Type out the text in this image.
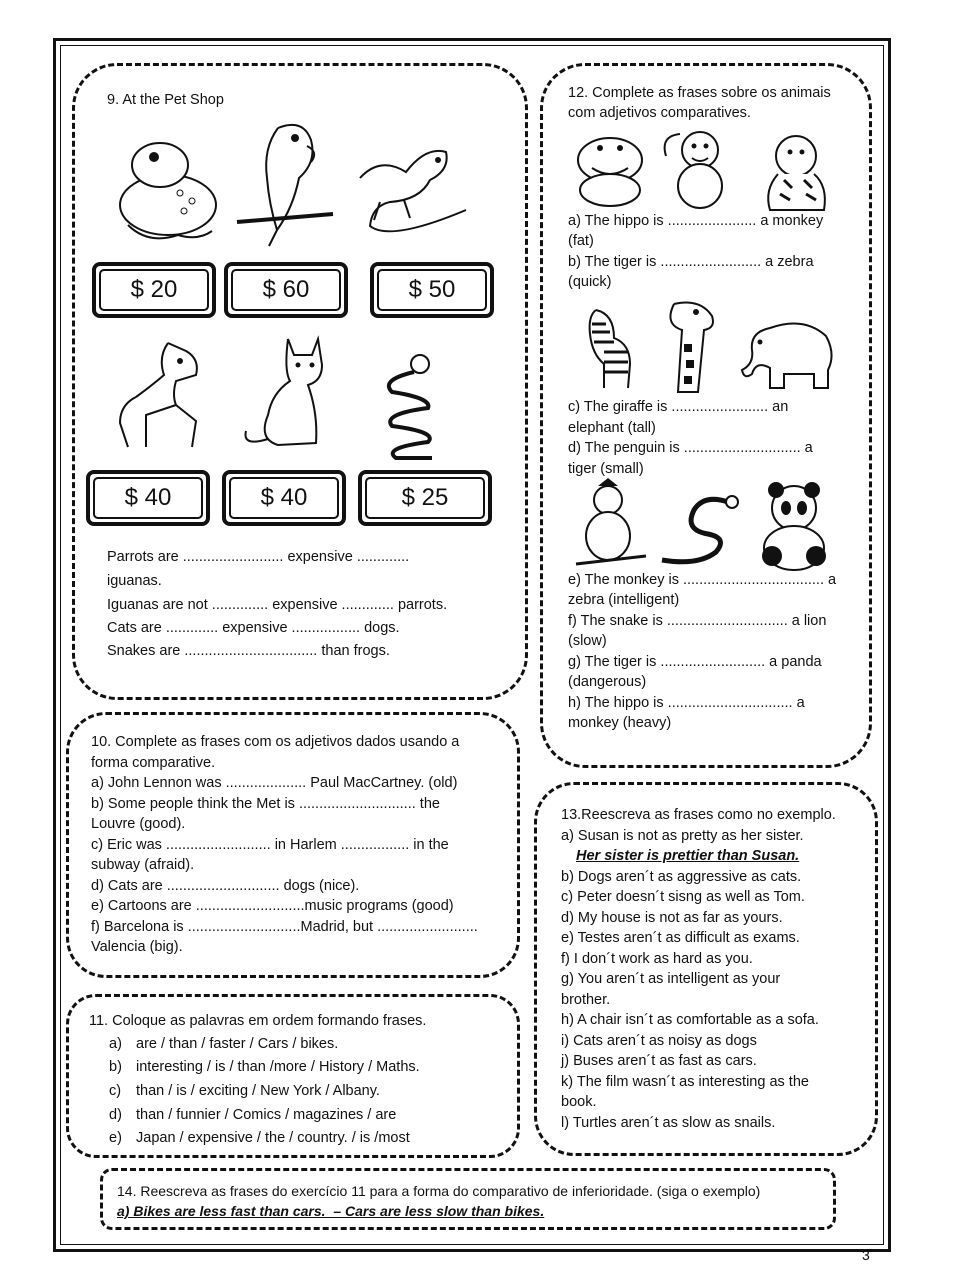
9. At the Pet Shop
$ 20	$ 60	$ 50
$ 40	$ 40	$ 25
Parrots are ......................... expensive .............
iguanas.
Iguanas are not .............. expensive ............. parrots.
Cats are ............. expensive ................. dogs.
Snakes are ................................. than frogs.
10. Complete as frases com os adjetivos dados usando a
forma comparative.
a) John Lennon was .................... Paul MacCartney. (old)
b) Some people think the Met is ............................. the
Louvre (good).
c) Eric was .......................... in Harlem ................. in the
subway (afraid).
d) Cats are ............................ dogs (nice).
e) Cartoons are ...........................music programs (good)
f) Barcelona is ............................Madrid, but .........................
Valencia (big).
11. Coloque as palavras em ordem formando frases.
a) are / than / faster / Cars / bikes.
b) interesting / is / than /more / History / Maths.
c) than / is / exciting / New York / Albany.
d) than / funnier / Comics / magazines / are
e) Japan / expensive / the / country. / is /most
12. Complete as frases sobre os animais
com adjetivos comparatives.
a) The hippo is ...................... a monkey
(fat)
b) The tiger is ......................... a zebra
(quick)
c) The giraffe is ........................ an
elephant (tall)
d) The penguin is ............................. a
tiger (small)
e) The monkey is ................................... a
zebra (intelligent)
f) The snake is .............................. a lion
(slow)
g) The tiger is .......................... a panda
(dangerous)
h) The hippo is ............................... a
monkey (heavy)
13.Reescreva as frases como no exemplo.
a) Susan is not as pretty as her sister.
Her sister is prettier than Susan.
b) Dogs aren´t as aggressive as cats.
c) Peter doesn´t sisng as well as Tom.
d) My house is not as far as yours.
e) Testes aren´t as difficult as exams.
f) I don´t work as hard as you.
g) You aren´t as intelligent as your
brother.
h) A chair isn´t as comfortable as a sofa.
i) Cats aren´t as noisy as dogs
j) Buses aren´t as fast as cars.
k) The film wasn´t as interesting as the
book.
l) Turtles aren´t as slow as snails.
14. Reescreva as frases do exercício 11 para a forma do comparativo de inferioridade. (siga o exemplo)
a) Bikes are less fast than cars.  – Cars are less slow than bikes.
3
